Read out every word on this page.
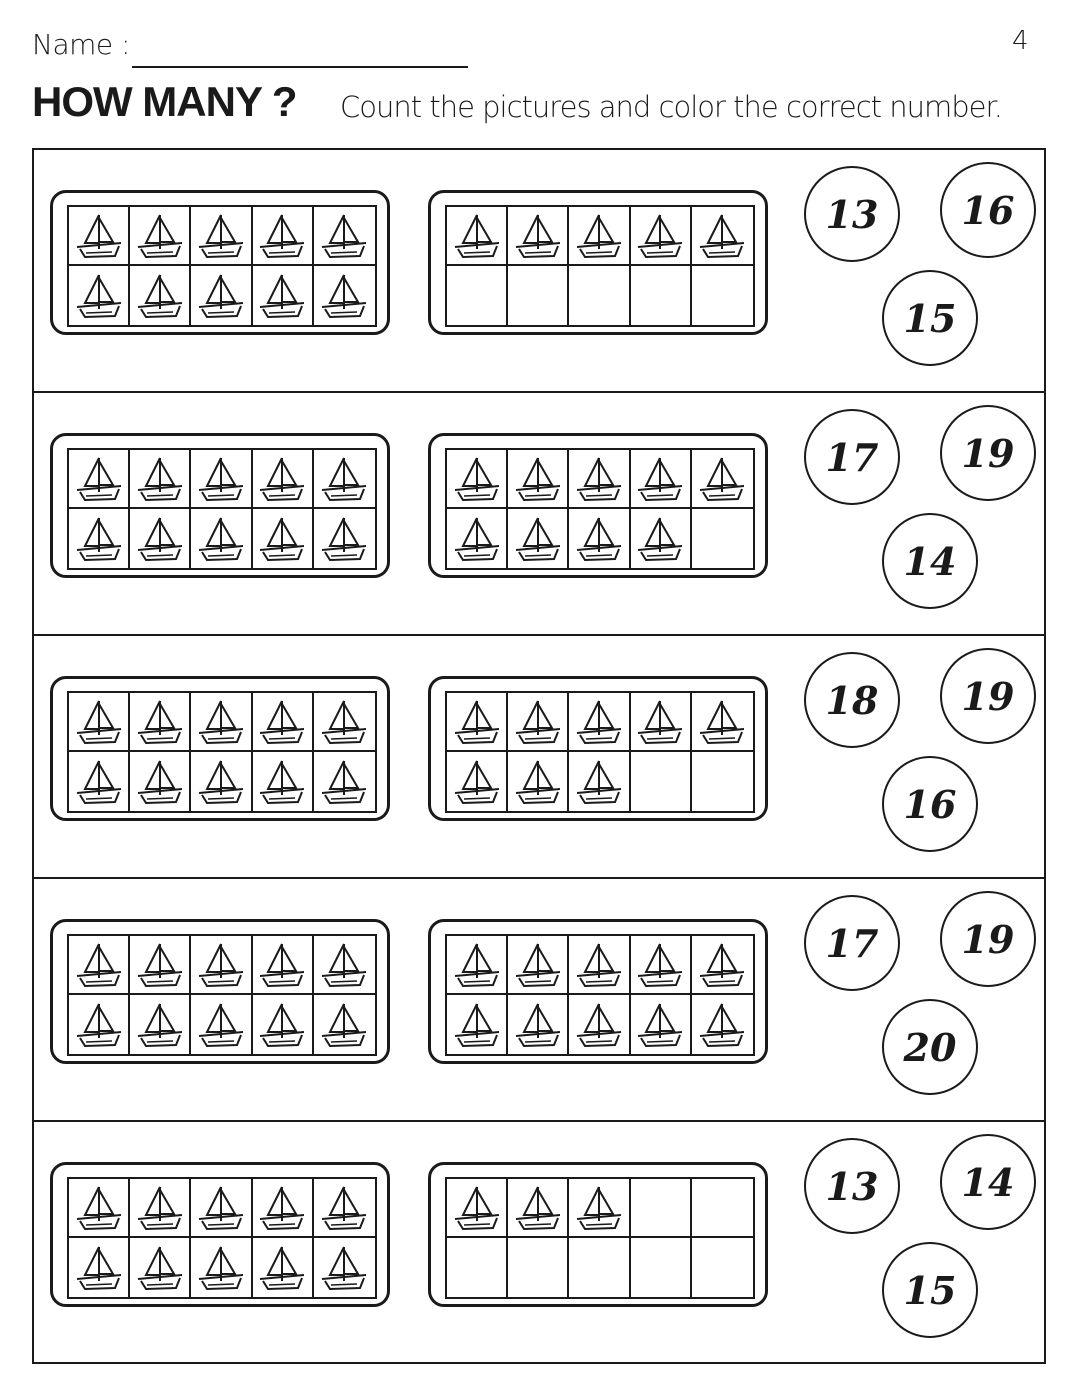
Name :	4
HOW MANY ? Count the pictures and color the correct number.
13	16
15
17	19
14
18	19
16
17	19
20
13	14
15
